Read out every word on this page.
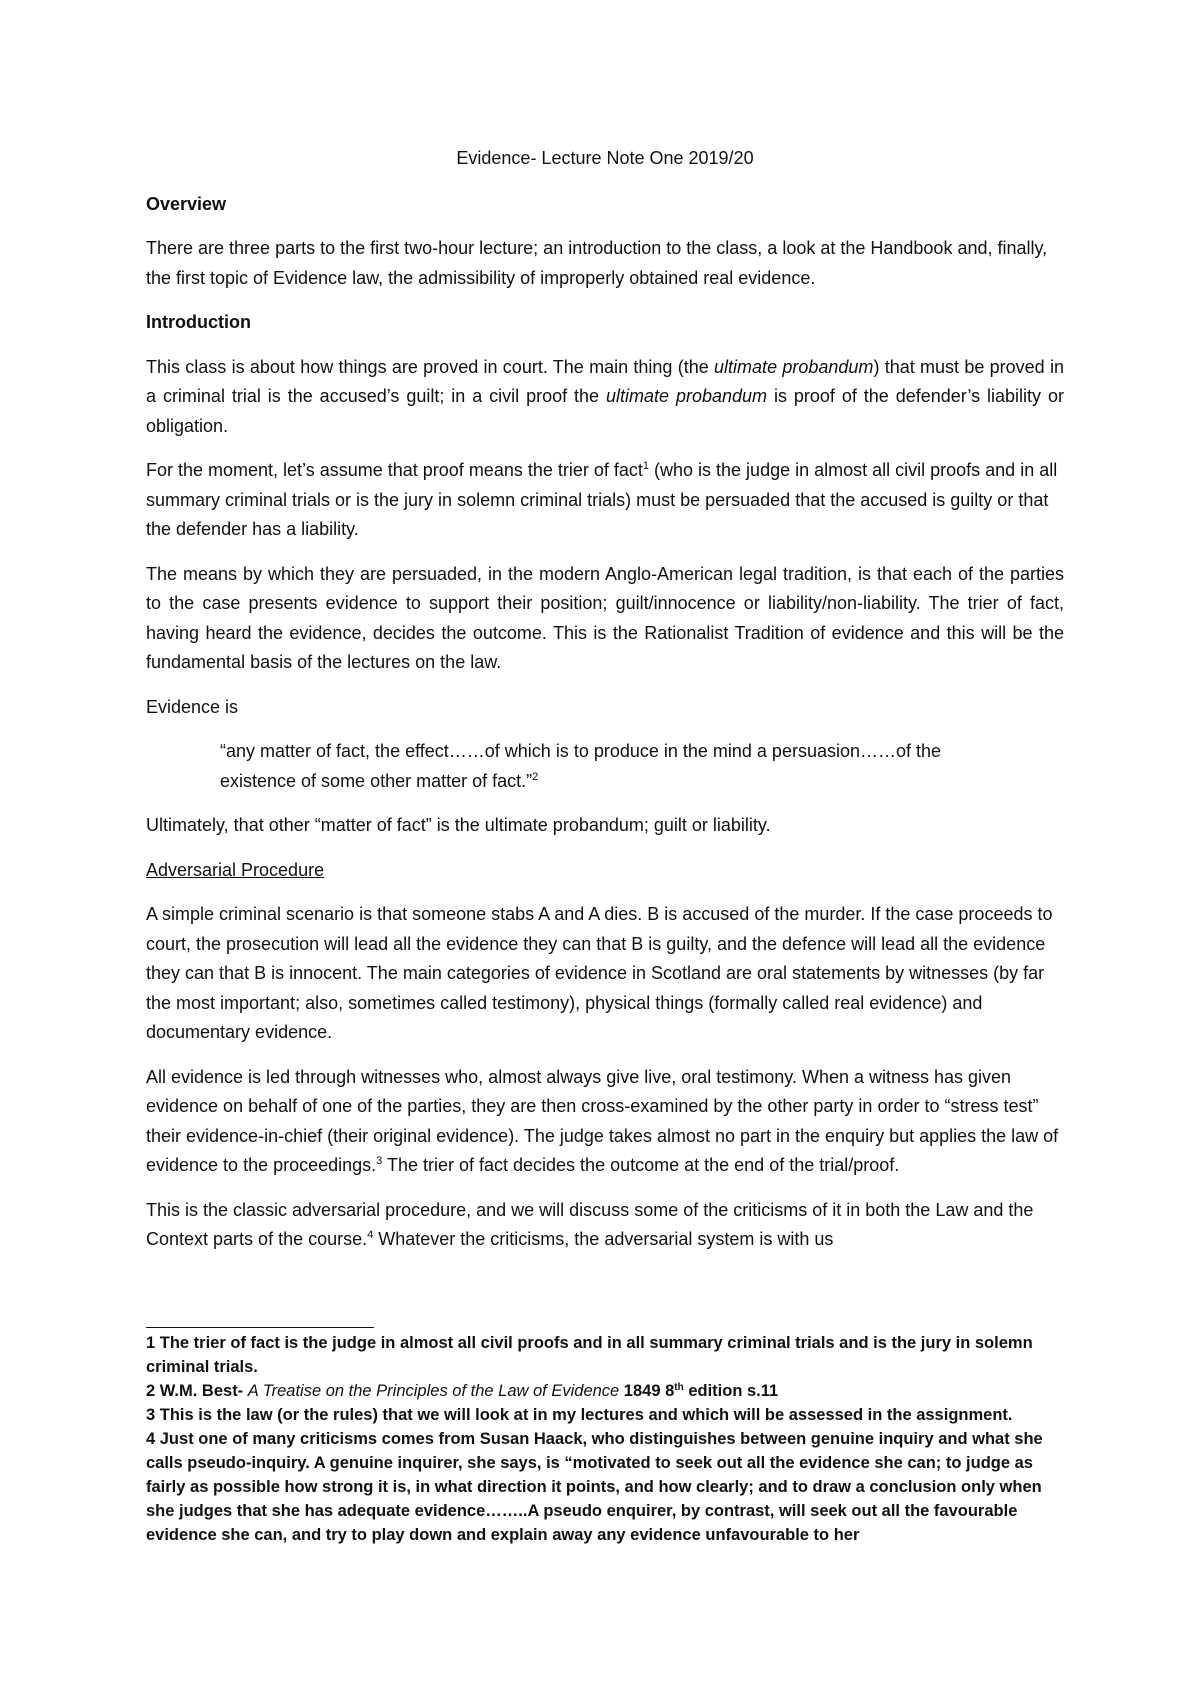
Evidence- Lecture Note One 2019/20

Overview

There are three parts to the first two-hour lecture; an introduction to the class, a look at the Handbook and, finally, the first topic of Evidence law, the admissibility of improperly obtained real evidence.

Introduction

This class is about how things are proved in court. The main thing (the ultimate probandum) that must be proved in a criminal trial is the accused’s guilt; in a civil proof the ultimate probandum is proof of the defender’s liability or obligation.

For the moment, let’s assume that proof means the trier of fact$^1$ (who is the judge in almost all civil proofs and in all summary criminal trials or is the jury in solemn criminal trials) must be persuaded that the accused is guilty or that the defender has a liability.

The means by which they are persuaded, in the modern Anglo-American legal tradition, is that each of the parties to the case presents evidence to support their position; guilt/innocence or liability/non-liability. The trier of fact, having heard the evidence, decides the outcome. This is the Rationalist Tradition of evidence and this will be the fundamental basis of the lectures on the law.

Evidence is

“any matter of fact, the effect……of which is to produce in the mind a persuasion……of the
existence of some other matter of fact.”$^2$

Ultimately, that other “matter of fact” is the ultimate probandum; guilt or liability.

Adversarial Procedure

A simple criminal scenario is that someone stabs A and A dies. B is accused of the murder. If the case proceeds to court, the prosecution will lead all the evidence they can that B is guilty, and the defence will lead all the evidence they can that B is innocent. The main categories of evidence in Scotland are oral statements by witnesses (by far the most important; also, sometimes called testimony), physical things (formally called real evidence) and documentary evidence.

All evidence is led through witnesses who, almost always give live, oral testimony. When a witness has given evidence on behalf of one of the parties, they are then cross-examined by the other party in order to “stress test” their evidence-in-chief (their original evidence). The judge takes almost no part in the enquiry but applies the law of evidence to the proceedings.$^3$ The trier of fact decides the outcome at the end of the trial/proof.

This is the classic adversarial procedure, and we will discuss some of the criticisms of it in both the Law and the Context parts of the course.$^4$ Whatever the criticisms, the adversarial system is with us

1 The trier of fact is the judge in almost all civil proofs and in all summary criminal trials and is the jury in solemn criminal trials.

2 W.M. Best- A Treatise on the Principles of the Law of Evidence 1849 8th edition s.11

3 This is the law (or the rules) that we will look at in my lectures and which will be assessed in the assignment.

4 Just one of many criticisms comes from Susan Haack, who distinguishes between genuine inquiry and what she calls pseudo-inquiry. A genuine inquirer, she says, is “motivated to seek out all the evidence she can; to judge as fairly as possible how strong it is, in what direction it points, and how clearly; and to draw a conclusion only when she judges that she has adequate evidence……..A pseudo enquirer, by contrast, will seek out all the favourable evidence she can, and try to play down and explain away any evidence unfavourable to her
